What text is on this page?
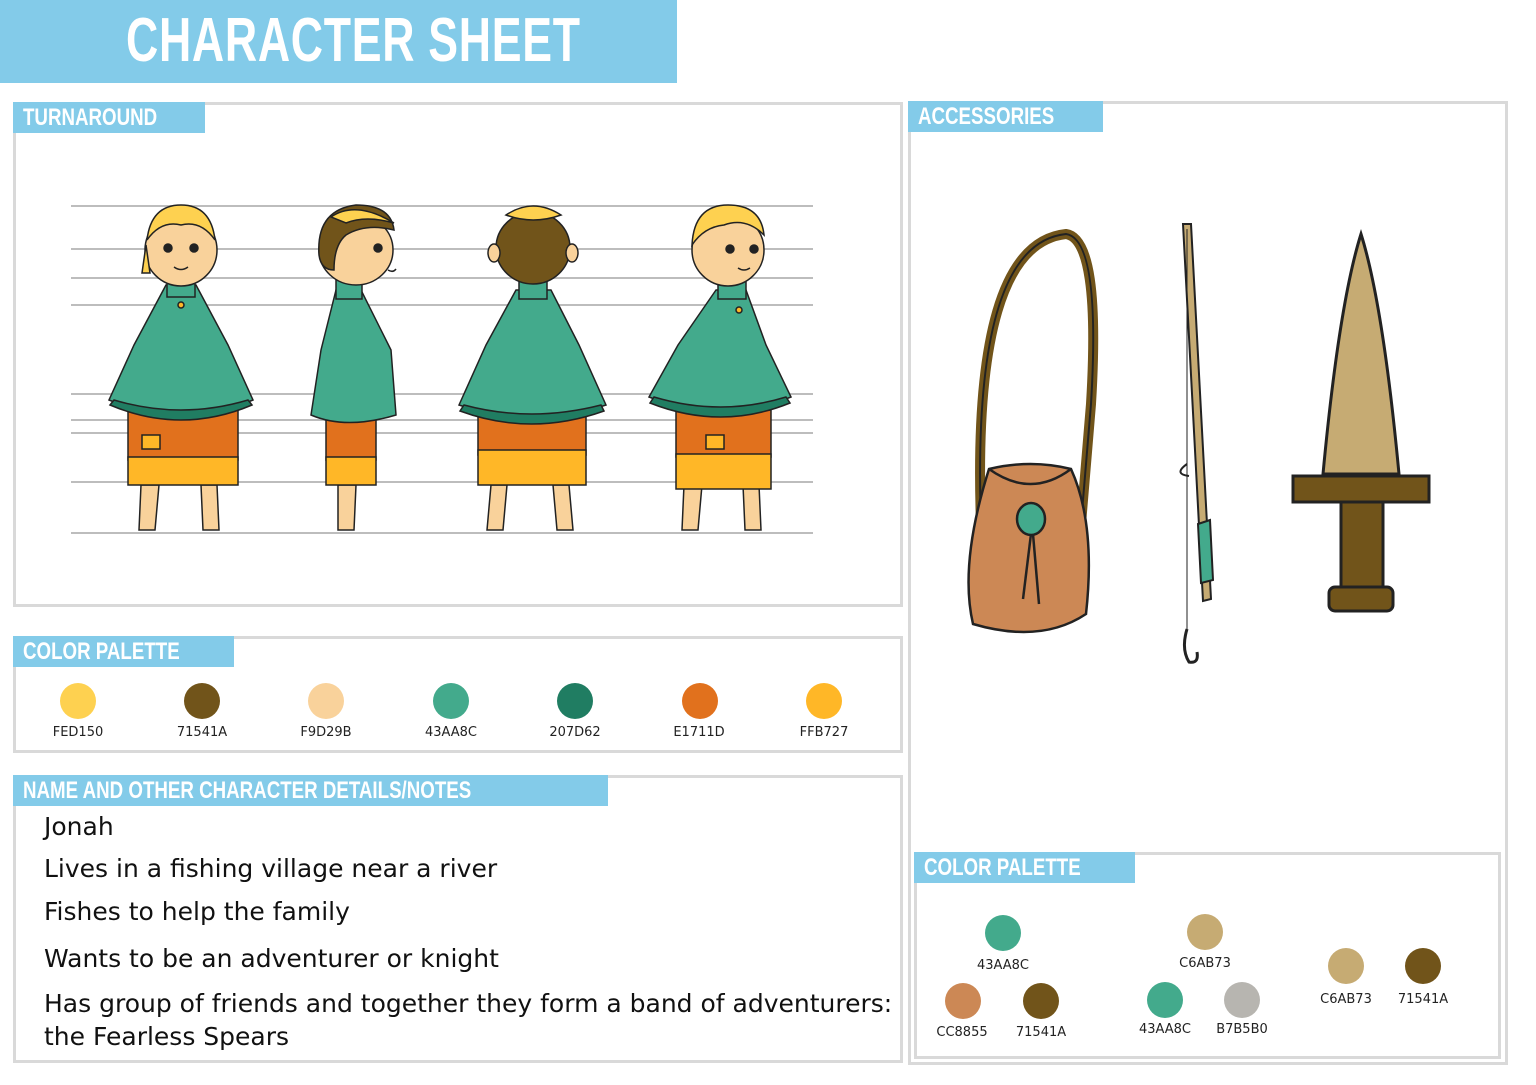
CHARACTER SHEET
TURNAROUND
COLOR PALETTE
FED150	71541A	F9D29B	43AA8C	207D62	E1711D	FFB727
NAME AND OTHER CHARACTER DETAILS/NOTES
Jonah
Lives in a fishing village near a river
Fishes to help the family
Wants to be an adventurer or knight
Has group of friends and together they form a band of adventurers:
the Fearless Spears
ACCESSORIES
COLOR PALETTE
43AA8C
CC8855	71541A
C6AB73
43AA8C	B7B5B0
C6AB73	71541A
